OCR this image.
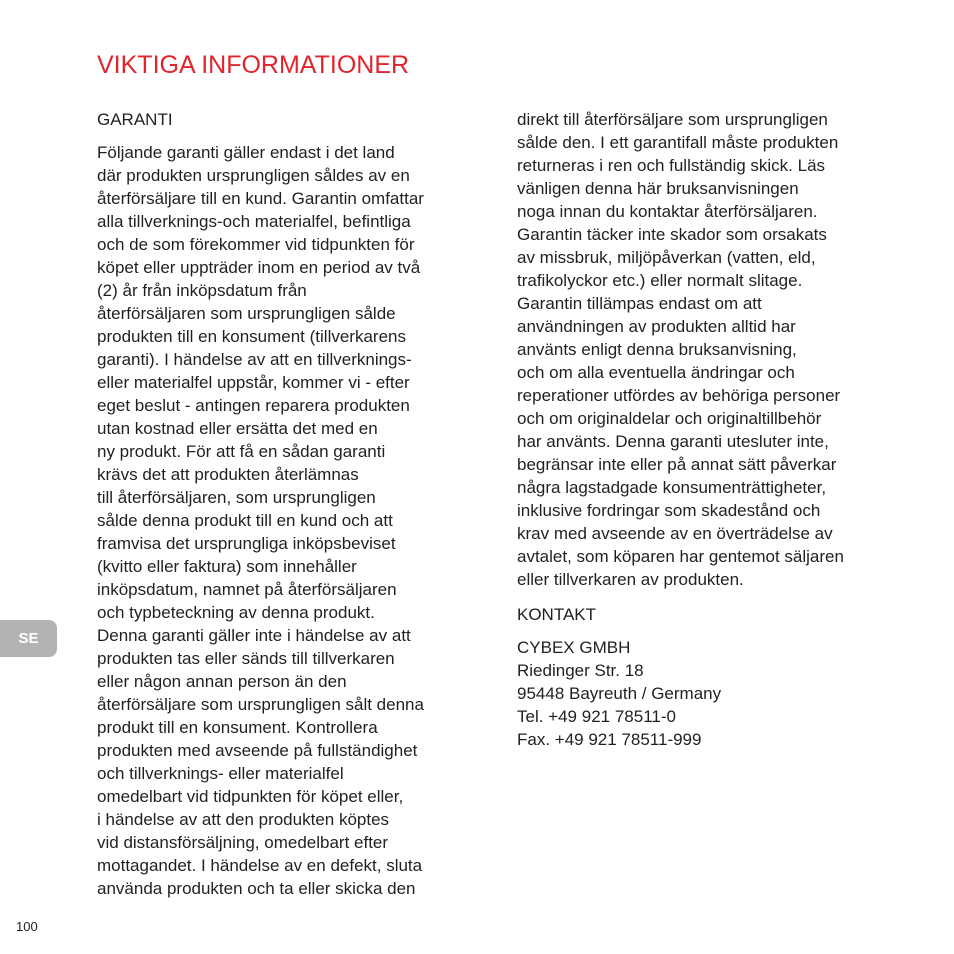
VIKTIGA INFORMATIONER
GARANTI
Följande garanti gäller endast i det land
där produkten ursprungligen såldes av en
återförsäljare till en kund. Garantin omfattar
alla tillverknings-och materialfel, befintliga
och de som förekommer vid tidpunkten för
köpet eller uppträder inom en period av två
(2) år från inköpsdatum från
återförsäljaren som ursprungligen sålde
produkten till en konsument (tillverkarens
garanti). I händelse av att en tillverknings-
eller materialfel uppstår, kommer vi - efter
eget beslut - antingen reparera produkten
utan kostnad eller ersätta det med en
ny produkt. För att få en sådan garanti
krävs det att produkten återlämnas
till återförsäljaren, som ursprungligen
sålde denna produkt till en kund och att
framvisa det ursprungliga inköpsbeviset
(kvitto eller faktura) som innehåller
inköpsdatum, namnet på återförsäljaren
och typbeteckning av denna produkt.
Denna garanti gäller inte i händelse av att
produkten tas eller sänds till tillverkaren
eller någon annan person än den
återförsäljare som ursprungligen sålt denna
produkt till en konsument. Kontrollera
produkten med avseende på fullständighet
och tillverknings- eller materialfel
omedelbart vid tidpunkten för köpet eller,
i händelse av att den produkten köptes
vid distansförsäljning, omedelbart efter
mottagandet. I händelse av en defekt, sluta
använda produkten och ta eller skicka den
direkt till återförsäljare som ursprungligen
sålde den. I ett garantifall måste produkten
returneras i ren och fullständig skick. Läs
vänligen denna här bruksanvisningen
noga innan du kontaktar återförsäljaren.
Garantin täcker inte skador som orsakats
av missbruk, miljöpåverkan (vatten, eld,
trafikolyckor etc.) eller normalt slitage.
Garantin tillämpas endast om att
användningen av produkten alltid har
använts enligt denna bruksanvisning,
och om alla eventuella ändringar och
reperationer utfördes av behöriga personer
och om originaldelar och originaltillbehör
har använts. Denna garanti utesluter inte,
begränsar inte eller på annat sätt påverkar
några lagstadgade konsumenträttigheter,
inklusive fordringar som skadestånd och
krav med avseende av en överträdelse av
avtalet, som köparen har gentemot säljaren
eller tillverkaren av produkten.
KONTAKT
CYBEX GMBH
Riedinger Str. 18
95448 Bayreuth / Germany
Tel. +49 921 78511-0
Fax. +49 921 78511-999
SE
100
